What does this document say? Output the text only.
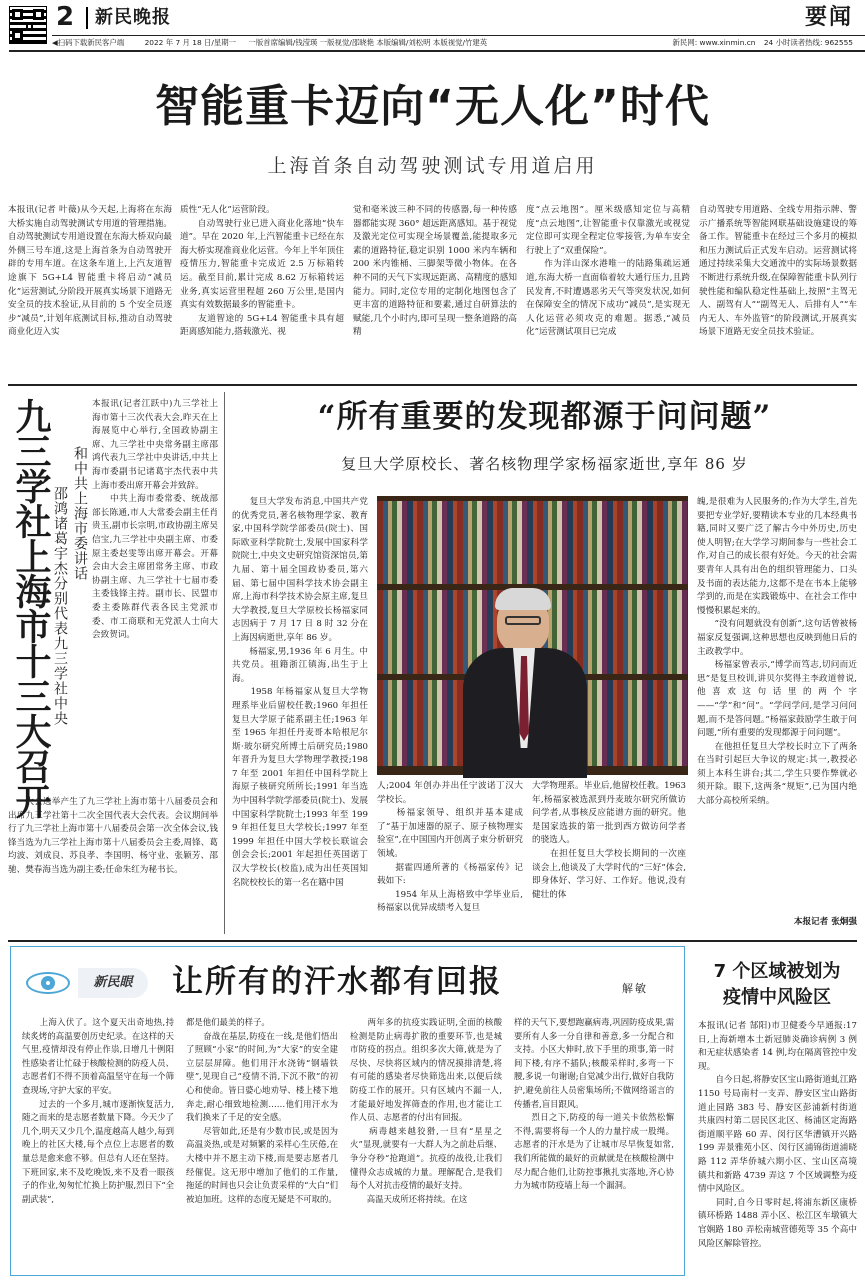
2 新民晚报	要闻
◀扫码下载新民客户端	2022 年 7 月 18 日/星期一 一版首席编辑/钱滢瑛 一版视觉/邵晓艳 本版编辑/刘松明 本版视觉/竹建英	新民网: www.xinmin.cn 24 小时读者热线: 962555
智能重卡迈向“无人化”时代
上海首条自动驾驶测试专用道启用
本报讯(记者 叶薇)从今天起,上海将在东海大桥实施自动驾驶测试专用道的管理措施。自动驾驶测试专用道设置在东海大桥双向最外侧三号车道,这是上海首条为自动驾驶开辟的专用车道。在这条车道上,上汽友道智途旗下 5G+L4 智能重卡将启动“减员化”运营测试,分阶段开展真实场景下道路无安全员的技术验证,从目前的 5 个安全员逐步“减员”,计划年底测试目标,推动自动驾驶商业化迈入实
质性“无人化”运营阶段。
　　自动驾驶行业已进入商业化落地“快车道”。早在 2020 年,上汽智能重卡已经在东海大桥实现准商业化运营。今年上半年顶住疫情压力,智能重卡完成近 2.5 万标箱转运。截至目前,累计完成 8.62 万标箱转运业务,真实运营里程超 260 万公里,是国内真实有效数据最多的智能重卡。
　　友道智途的 5G+L4 智能重卡具有超距离感知能力,搭载激光、视
觉和毫米波三种不同的传感器,每一种传感器都能实现 360° 超远距离感知。基于视觉及激光定位可实现全场景覆盖,能提取多元素的道路特征,稳定识别 1000 米内车辆和 200 米内锥桶、三脚架等微小物体。在各种不同的天气下实现远距离、高精度的感知能力。同时,定位专用的定制化地图包含了更丰富的道路特征和要素,通过自研算法的赋能,几个小时内,即可呈现一整条道路的高精
度“点云地图”。厘米级感知定位与高精度“点云地图”,让智能重卡仅靠激光或视觉定位即可实现全程定位零接管,为单车安全行驶上了“双重保险”。
　　作为洋山深水港唯一的陆路集疏运通道,东海大桥一直面临着较大通行压力,且跨民发育,不时遭遇恶劣天气等突发状况,如何在保障安全的情况下成功“减员”,是实现无人化运营必须攻克的难题。据悉,“减员化”运营测试项目已完成
自动驾驶专用道路、全线专用指示牌、警示广播系统等智能网联基础设施建设的筹备工作。智能重卡在经过三个多月的模拟和压力测试后正式发车启动。运营测试将通过持续采集大交通流中的实际场景数据不断进行系统升级,在保障智能重卡队列行驶性能和编队稳定性基础上,按照“主驾无人、副驾有人”“副驾无人、后排有人”“车内无人、车外监管”的阶段测试,开展真实场景下道路无安全员技术验证。
九三学社上海市十三大召开 和中共上海市委讲话
邵鸿诸葛宇杰分别代表九三学社中央
本报讯(记者江跃中)九三学社上海市第十三次代表大会,昨天在上海展览中心举行,全国政协副主席、九三学社中央常务副主席邵鸿代表九三学社中央讲话,中共上海市委副书记诸葛宇杰代表中共上海市委出席开幕会并致辞。
　　中共上海市委常委、统战部部长陈通,市人大常委会副主任肖贵玉,副市长宗明,市政协副主席吴信宝,九三学社中央副主席、市委原主委赵雯等出席开幕会。开幕会由大会主席团常务主席、市政协副主席、九三学社十七届市委主委钱锋主持。副市长、民盟市委主委陈群代表各民主党派市委、市工商联和无党派人士向大会致贺词。
　　大会选举产生了九三学社上海市第十八届委员会和出席九三学社第十二次全国代表大会代表。会议期间举行了九三学社上海市第十八届委员会第一次全体会议,钱锋当选为九三学社上海市第十八届委员会主委,周锋、葛均波、刘成良、苏良孝、李国明、杨守业、张颖芳、邵驰、樊春海当选为副主委;任命朱红为秘书长。
“所有重要的发现都源于问问题”
复旦大学原校长、著名核物理学家杨福家逝世,享年 86 岁
　　复旦大学发布消息,中国共产党的优秀党员,著名核物理学家、教育家,中国科学院学部委员(院士)、国际欧亚科学院院士,发展中国家科学院院士,中央文史研究馆资深馆员,第九届、第十届全国政协委员,第六届、第七届中国科学技术协会副主席,上海市科学技术协会原主席,复旦大学教授,复旦大学原校长杨福家同志因病于 7 月 17 日 8 时 32 分在上海因病逝世,享年 86 岁。
　　杨福家,男,1936 年 6 月生。中共党员。祖籍浙江镇海,出生于上海。
　　1958 年杨福家从复旦大学物理系毕业后留校任教;1960 年担任复旦大学原子能系副主任;1963 年至 1965 年担任丹麦哥本哈根尼尔斯·玻尔研究所博士后研究员;1980 年晋升为复旦大学物理学教授;1987 年至 2001 年担任中国科学院上海原子核研究所所长;1991 年当选为中国科学院学部委员(院士)、发展中国家科学院院士;1993 年至 1999 年担任复旦大学校长;1997 年至 1999 年担任中国大学校长联谊会创会会长;2001 年起担任英国诺丁汉大学校长(校监),成为出任英国知名院校校长的第一名在籍中国
人;2004 年创办并出任宁波诺丁汉大学校长。
　　杨福家领导、组织并基本建成了“基于加速器的原子、原子核物理实验室”,在中国国内开创离子束分析研究领域。
　　据霍四通所著的《杨福家传》记载如下:
　　1954 年从上海格致中学毕业后,杨福家以优异成绩考入复旦
大学物理系。毕业后,他留校任教。1963 年,杨福家被选派到丹麦玻尔研究所做访问学者,从事核反应能谱方面的研究。他是国家选拔的第一批到西方做访问学者的骁选人。
　　在担任复旦大学校长期间的一次座谈会上,他谈及了大学时代的“三好”体会,即身体好、学习好、工作好。他说,没有健壮的体
魄,是很难为人民服务的;作为大学生,首先要把专业学好,要精读本专业的几本经典书籍,同时又要广泛了解古今中外历史,历史使人明智;在大学学习期间参与一些社会工作,对自己的成长很有好处。今天的社会需要青年人具有出色的组织管理能力、口头及书面的表达能力,这都不是在书本上能够学到的,而是在实践锻炼中、在社会工作中慢慢积累起来的。
　　“没有问题就没有创新”,这句话曾被杨福家反复强调,这种思想也反映到他日后的主政教学中。
　　杨福家曾表示,“博学而笃志,切问而近思”是复旦校训,讲贝尔奖得主李政道曾说,他喜欢这句话里的两个字——“学”和“问”。“学问学问,是学习问问题,而不是答问题。”杨福家鼓励学生敢于问问题,“所有重要的发现都源于问问题”。
　　在他担任复旦大学校长时立下了两条在当时引起巨大争议的规定:其一,教授必须上本科生讲台;其二,学生只要作弊就必须开除。眼下,这两条“规矩”,已为国内绝大部分高校所采纳。
本报记者 张炯强
新民眼	让所有的汗水都有回报	解敏
　　上海入伏了。这个夏天出奇地热,持续炙烤的高温要创历史纪录。在这样的天气里,疫情却没有停止作祟,日增几十例阳性感染者让忙碌于核酸检测的防疫人员、志愿者们不得不顶着高温坚守在每一个筛查现场,守护大家的平安。
　　过去的一个多月,城市逐渐恢复活力,随之而来的是志愿者数量下降。今天少了几个,明天又少几个,温度越高人越少,每到晚上的社区大楼,每个点位上志愿者的数量总是愈来愈不够。但总有人还在坚持。下班回家,来不及吃晚饭,来不及看一眼孩子的作业,匆匆忙忙换上防护服,烈日下“全副武装”,
都是他们最美的样子。
　　奋战在基层,防疫在一线,是他们悟出了照顾“小家”的时间,为“大家”的安全建立层层屏障。他们用汗水浇铸“钢墙铁壁”,见现自己“疫情不消,下沉不散”的初心和使命。皆日婆心地劝导、楼上楼下地奔走,耐心细致地检测……他们用汗水为我们换来了千足的安全感。
　　尽管如此,还是有少数市民,或是因为高温炎热,或是对频繁的采样心生厌倦,在大楼中并不愿主动下楼,而是要志愿者几经催促。这无形中增加了他们的工作量,拖延的时间也只会让负责采样的“大白”们被迫加班。这样的态度无疑是不可取的。
　　两年多的抗疫实践证明,全面的核酸检测是防止病毒扩散的重要环节,也是城市防疫的拐点。组织多次大筛,就是为了尽快、尽快将区域内的情况摸排清楚,将有可能的感染者尽快筛选出来,以便后续防疫工作的展开。只有区域内不漏一人,才能最好地发挥筛查的作用,也才能让工作人员、志愿者的付出有回报。
　　病毒越来越狡猾,一旦有“星星之火”显现,就要有一大群人为之前赴后继、争分夺秒“抢跑道”。抗疫的战役,让我们懂得众志成城的力量。理解配合,是我们每个人对抗击疫情的最好支持。
　　高温天成所还将持续。在这
样的天气下,要想跑赢病毒,巩固防疫成果,需要所有人多一分自律和善意,多一分配合和支持。小区大伸时,放下手里的琐事,第一时间下楼,有序不插队;核酸采样时,多弯一下腰,多说一句谢谢;自觉减少出行,做好自我防护,避免前往人员密集场所;不做网络谣言的传播者,盲目跟风。
　　烈日之下,防疫的每一道关卡依然松懈不得,需要将每一个人的力量拧成一股绳。志愿者的汗水是为了让城市尽早恢复如常,我们所能做的最好的贡献就是在核酸检测中尽力配合他们,让防控事揪扎实落地,齐心协力为城市防疫墙上每一个漏洞。
7 个区域被划为
疫情中风险区
本报讯(记者 郜阳)市卫健委今早通报:17 日,上海新增本土新冠肺炎确诊病例 3 例和无症状感染者 14 例,均在隔离管控中发现。
　　自今日起,将静安区宝山路街道虬江路 1150 号局南村一支弄、静安区宝山路街道止园路 383 号、静安区彭浦新村街道共康四村第二居民区北区、杨浦区定海路街道顺平路 60 弄、闵行区华漕镇开兴路 199 弄景雅苑小区、闵行区浦锦街道浦晓路 112 弄华侨城六期小区、宝山区高境镇共和新路 4739 弄这 7 个区域调整为疫情中风险区。
　　同时,自今日零时起,将浦东新区康桥镇环桥路 1488 弄小区、松江区车墩镇大官娴路 180 弄松南城营德苑等 35 个高中风险区解除管控。
